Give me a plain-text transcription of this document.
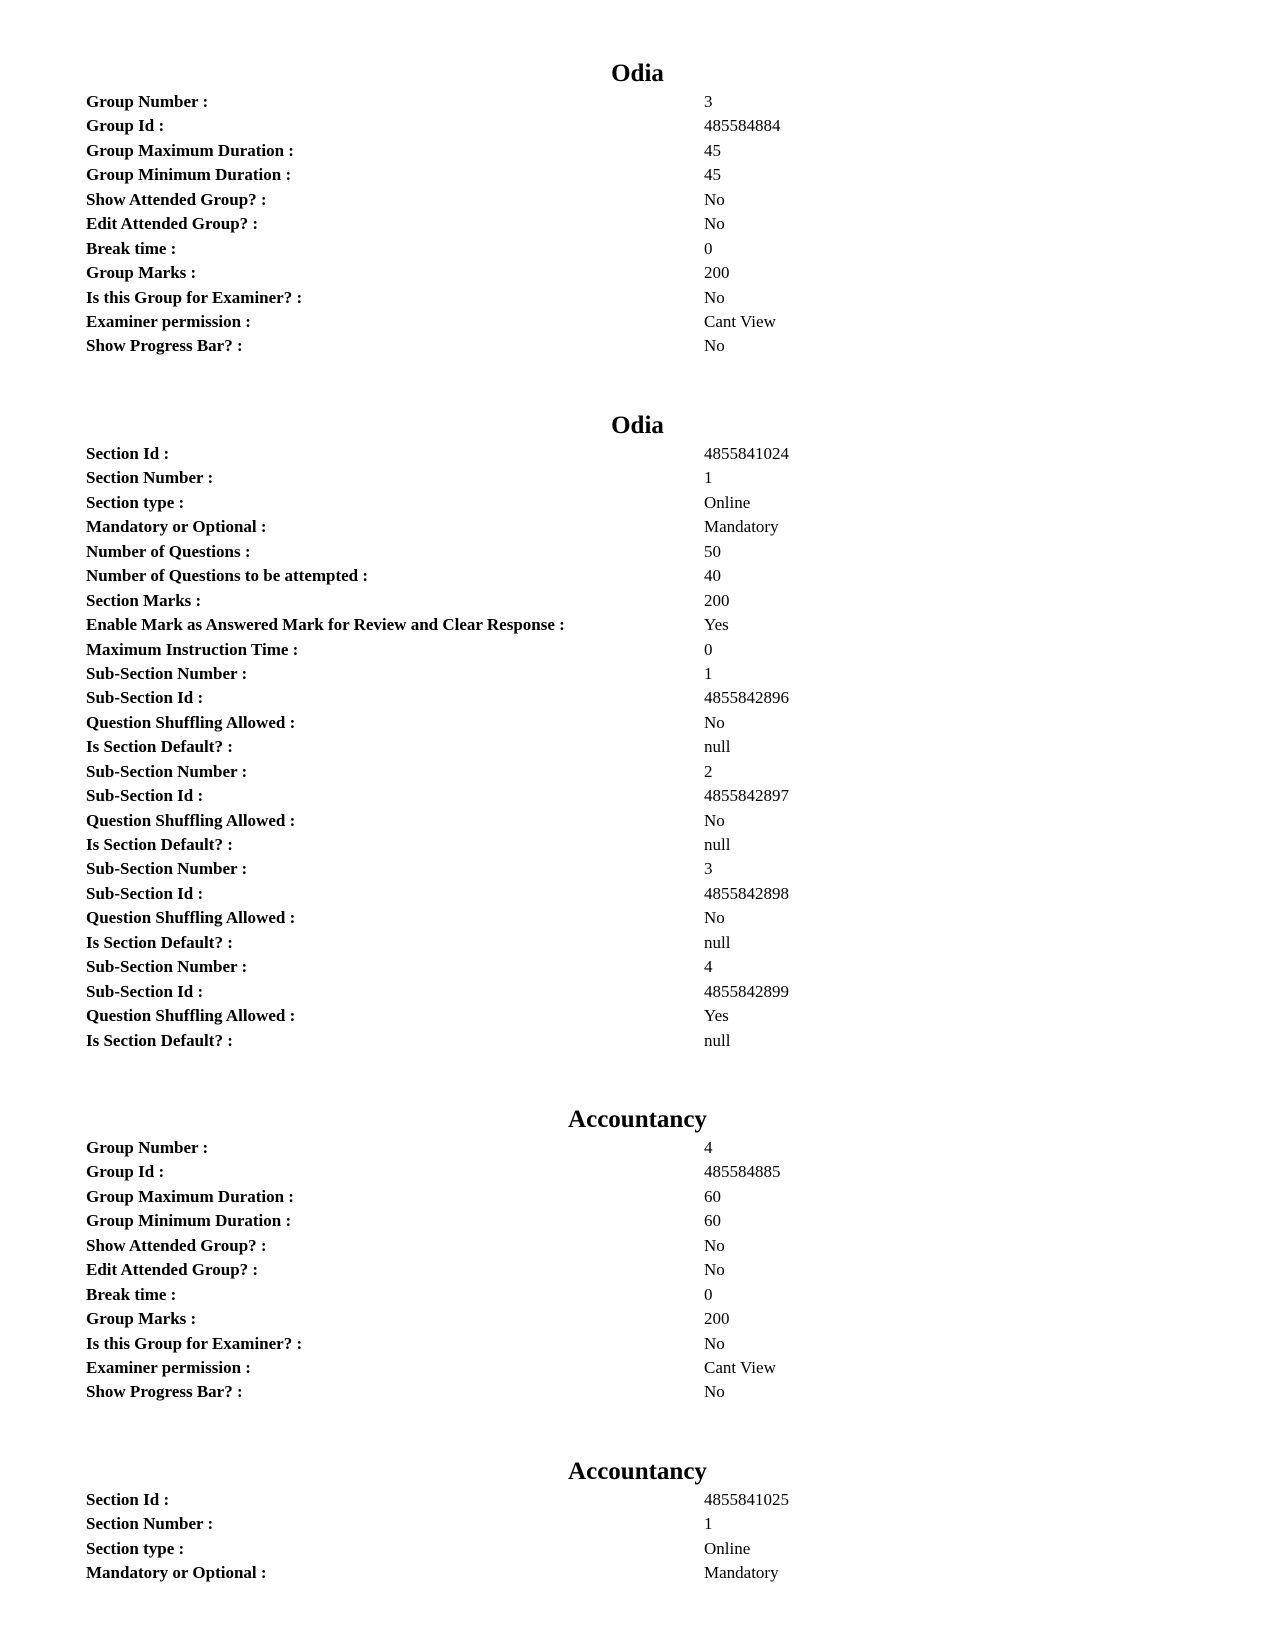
Odia
Group Number :	3
Group Id :	485584884
Group Maximum Duration :	45
Group Minimum Duration :	45
Show Attended Group? :	No
Edit Attended Group? :	No
Break time :	0
Group Marks :	200
Is this Group for Examiner? :	No
Examiner permission :	Cant View
Show Progress Bar? :	No
Odia
Section Id :	4855841024
Section Number :	1
Section type :	Online
Mandatory or Optional :	Mandatory
Number of Questions :	50
Number of Questions to be attempted :	40
Section Marks :	200
Enable Mark as Answered Mark for Review and Clear Response :	Yes
Maximum Instruction Time :	0
Sub-Section Number :	1
Sub-Section Id :	4855842896
Question Shuffling Allowed :	No
Is Section Default? :	null
Sub-Section Number :	2
Sub-Section Id :	4855842897
Question Shuffling Allowed :	No
Is Section Default? :	null
Sub-Section Number :	3
Sub-Section Id :	4855842898
Question Shuffling Allowed :	No
Is Section Default? :	null
Sub-Section Number :	4
Sub-Section Id :	4855842899
Question Shuffling Allowed :	Yes
Is Section Default? :	null
Accountancy
Group Number :	4
Group Id :	485584885
Group Maximum Duration :	60
Group Minimum Duration :	60
Show Attended Group? :	No
Edit Attended Group? :	No
Break time :	0
Group Marks :	200
Is this Group for Examiner? :	No
Examiner permission :	Cant View
Show Progress Bar? :	No
Accountancy
Section Id :	4855841025
Section Number :	1
Section type :	Online
Mandatory or Optional :	Mandatory
